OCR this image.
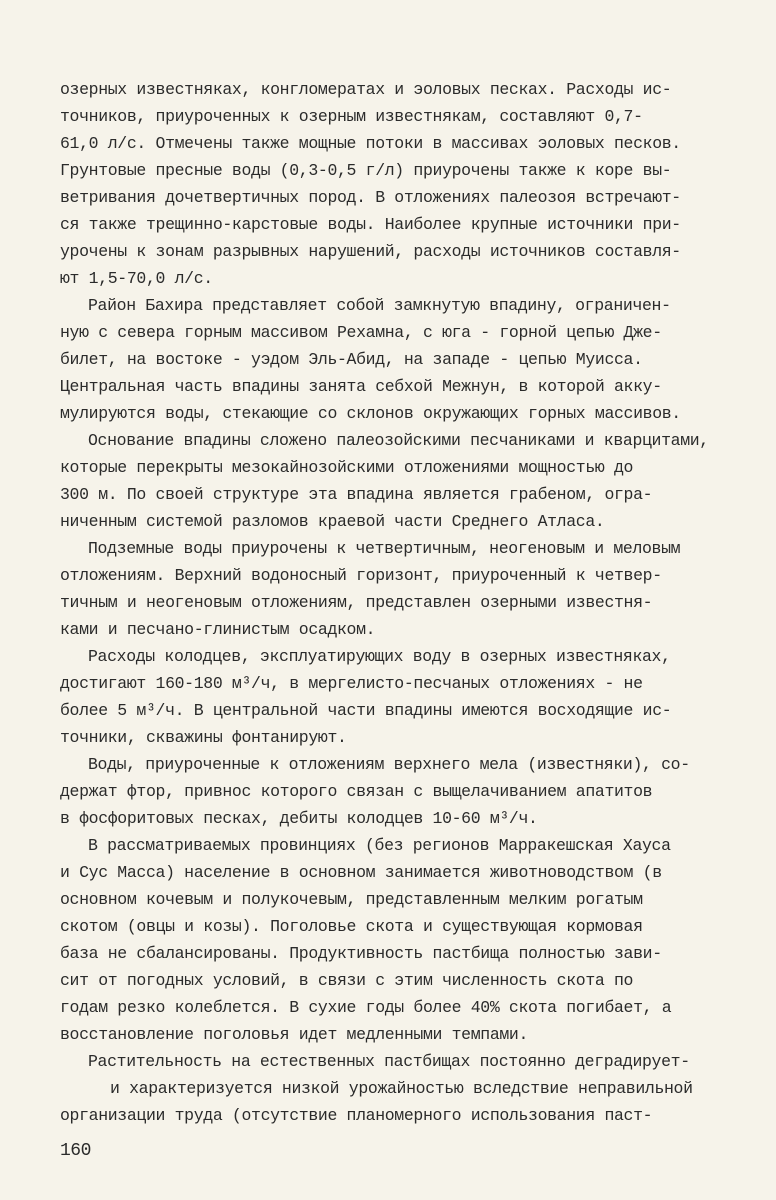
озерных известняках, конгломератах и эоловых песках. Расходы ис-
точников, приуроченных к озерным известнякам, составляют 0,7-
61,0 л/с. Отмечены также мощные потоки в массивах эоловых песков.
Грунтовые пресные воды (0,3-0,5 г/л) приурочены также к коре вы-
ветривания дочетвертичных пород. В отложениях палеозоя встречают-
ся также трещинно-карстовые воды. Наиболее крупные источники при-
урочены к зонам разрывных нарушений, расходы источников составля-
ют 1,5-70,0 л/с.
Район Бахира представляет собой замкнутую впадину, ограничен-
ную с севера горным массивом Рехамна, с юга - горной цепью Дже-
билет, на востоке - уэдом Эль-Абид, на западе - цепью Муисса.
Центральная часть впадины занята себхой Межнун, в которой акку-
мулируются воды, стекающие со склонов окружающих горных массивов.
Основание впадины сложено палеозойскими песчаниками и кварцитами,
которые перекрыты мезокайнозойскими отложениями мощностью до
300 м. По своей структуре эта впадина является грабеном, огра-
ниченным системой разломов краевой части Среднего Атласа.
Подземные воды приурочены к четвертичным, неогеновым и меловым
отложениям. Верхний водоносный горизонт, приуроченный к четвер-
тичным и неогеновым отложениям, представлен озерными известня-
ками и песчано-глинистым осадком.
Расходы колодцев, эксплуатирующих воду в озерных известняках,
достигают 160-180 м³/ч, в мергелисто-песчаных отложениях - не
более 5 м³/ч. В центральной части впадины имеются восходящие ис-
точники, скважины фонтанируют.
Воды, приуроченные к отложениям верхнего мела (известняки), со-
держат фтор, привнос которого связан с выщелачиванием апатитов
в фосфоритовых песках, дебиты колодцев 10-60 м³/ч.
В рассматриваемых провинциях (без регионов Марракешская Хауса
и Сус Масса) население в основном занимается животноводством (в
основном кочевым и полукочевым, представленным мелким рогатым
скотом (овцы и козы). Поголовье скота и существующая кормовая
база не сбалансированы. Продуктивность пастбища полностью зави-
сит от погодных условий, в связи с этим численность скота по
годам резко колеблется. В сухие годы более 40% скота погибает, а
восстановление поголовья идет медленными темпами.
Растительность на естественных пастбищах постоянно деградирует-
и характеризуется низкой урожайностью вследствие неправильной
организации труда (отсутствие планомерного использования паст-
160
